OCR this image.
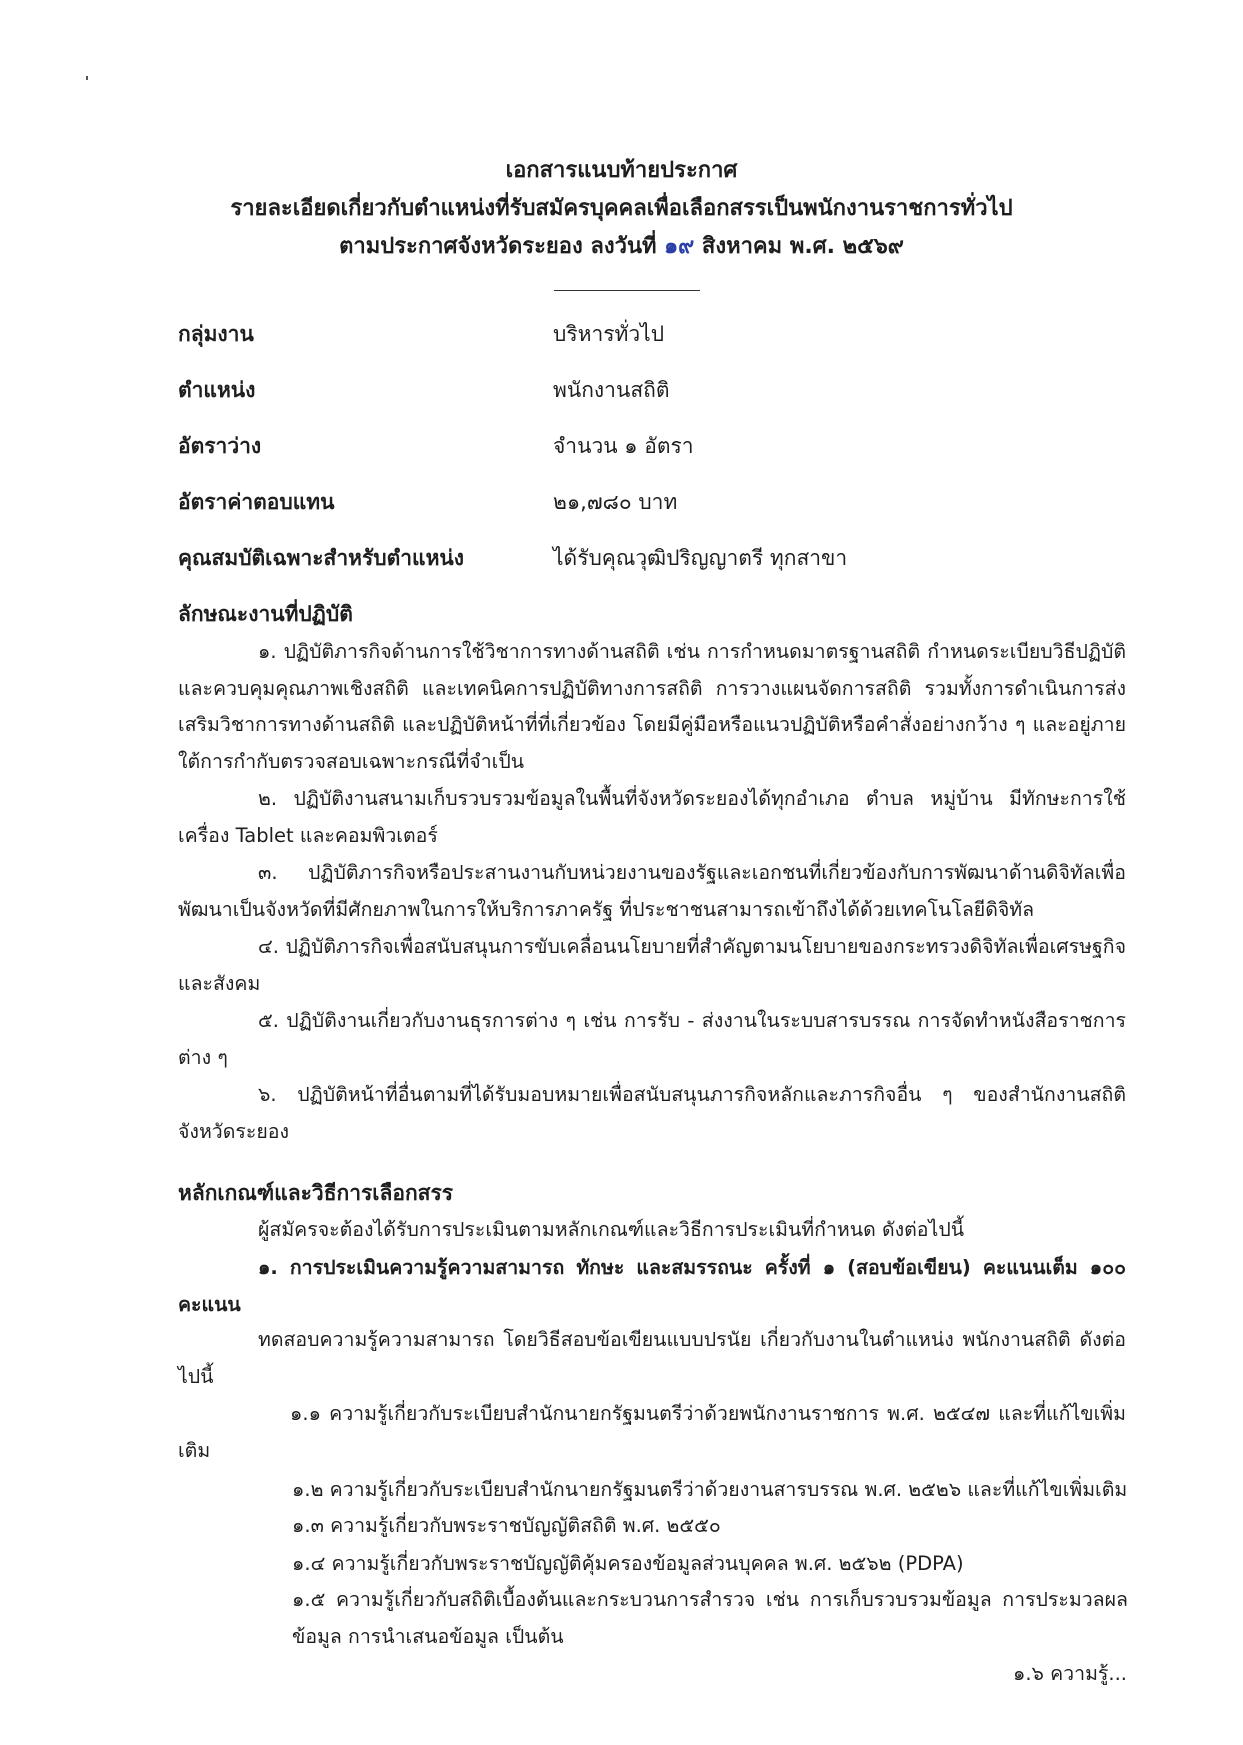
เอกสารแนบท้ายประกาศ
รายละเอียดเกี่ยวกับตำแหน่งที่รับสมัครบุคคลเพื่อเลือกสรรเป็นพนักงานราชการทั่วไป
ตามประกาศจังหวัดระยอง ลงวันที่ ๑๙ สิงหาคม พ.ศ. ๒๕๖๙
กลุ่มงาน	บริหารทั่วไป
ตำแหน่ง	พนักงานสถิติ
อัตราว่าง	จำนวน ๑ อัตรา
อัตราค่าตอบแทน	๒๑,๗๘๐ บาท
คุณสมบัติเฉพาะสำหรับตำแหน่ง	ได้รับคุณวุฒิปริญญาตรี ทุกสาขา
ลักษณะงานที่ปฏิบัติ
๑. ปฏิบัติภารกิจด้านการใช้วิชาการทางด้านสถิติ เช่น การกำหนดมาตรฐานสถิติ กำหนดระเบียบวิธีปฏิบัติและควบคุมคุณภาพเชิงสถิติ และเทคนิคการปฏิบัติทางการสถิติ การวางแผนจัดการสถิติ รวมทั้งการดำเนินการส่งเสริมวิชาการทางด้านสถิติ และปฏิบัติหน้าที่ที่เกี่ยวข้อง โดยมีคู่มือหรือแนวปฏิบัติหรือคำสั่งอย่างกว้าง ๆ และอยู่ภายใต้การกำกับตรวจสอบเฉพาะกรณีที่จำเป็น
๒. ปฏิบัติงานสนามเก็บรวบรวมข้อมูลในพื้นที่จังหวัดระยองได้ทุกอำเภอ ตำบล หมู่บ้าน มีทักษะการใช้เครื่อง Tablet และคอมพิวเตอร์
๓. ปฏิบัติภารกิจหรือประสานงานกับหน่วยงานของรัฐและเอกชนที่เกี่ยวข้องกับการพัฒนาด้านดิจิทัลเพื่อพัฒนาเป็นจังหวัดที่มีศักยภาพในการให้บริการภาครัฐ ที่ประชาชนสามารถเข้าถึงได้ด้วยเทคโนโลยีดิจิทัล
๔. ปฏิบัติภารกิจเพื่อสนับสนุนการขับเคลื่อนนโยบายที่สำคัญตามนโยบายของกระทรวงดิจิทัลเพื่อเศรษฐกิจและสังคม
๕. ปฏิบัติงานเกี่ยวกับงานธุรการต่าง ๆ เช่น การรับ - ส่งงานในระบบสารบรรณ การจัดทำหนังสือราชการต่าง ๆ
๖. ปฏิบัติหน้าที่อื่นตามที่ได้รับมอบหมายเพื่อสนับสนุนภารกิจหลักและภารกิจอื่น ๆ ของสำนักงานสถิติจังหวัดระยอง
หลักเกณฑ์และวิธีการเลือกสรร
ผู้สมัครจะต้องได้รับการประเมินตามหลักเกณฑ์และวิธีการประเมินที่กำหนด ดังต่อไปนี้
๑. การประเมินความรู้ความสามารถ ทักษะ และสมรรถนะ ครั้งที่ ๑ (สอบข้อเขียน) คะแนนเต็ม ๑๐๐ คะแนน
ทดสอบความรู้ความสามารถ โดยวิธีสอบข้อเขียนแบบปรนัย เกี่ยวกับงานในตำแหน่ง พนักงานสถิติ ดังต่อไปนี้
๑.๑ ความรู้เกี่ยวกับระเบียบสำนักนายกรัฐมนตรีว่าด้วยพนักงานราชการ พ.ศ. ๒๕๔๗ และที่แก้ไขเพิ่มเติม
๑.๒ ความรู้เกี่ยวกับระเบียบสำนักนายกรัฐมนตรีว่าด้วยงานสารบรรณ พ.ศ. ๒๕๒๖ และที่แก้ไขเพิ่มเติม
๑.๓ ความรู้เกี่ยวกับพระราชบัญญัติสถิติ พ.ศ. ๒๕๕๐
๑.๔ ความรู้เกี่ยวกับพระราชบัญญัติคุ้มครองข้อมูลส่วนบุคคล พ.ศ. ๒๕๖๒ (PDPA)
๑.๕ ความรู้เกี่ยวกับสถิติเบื้องต้นและกระบวนการสำรวจ เช่น การเก็บรวบรวมข้อมูล การประมวลผลข้อมูล การนำเสนอข้อมูล เป็นต้น
๑.๖ ความรู้...
